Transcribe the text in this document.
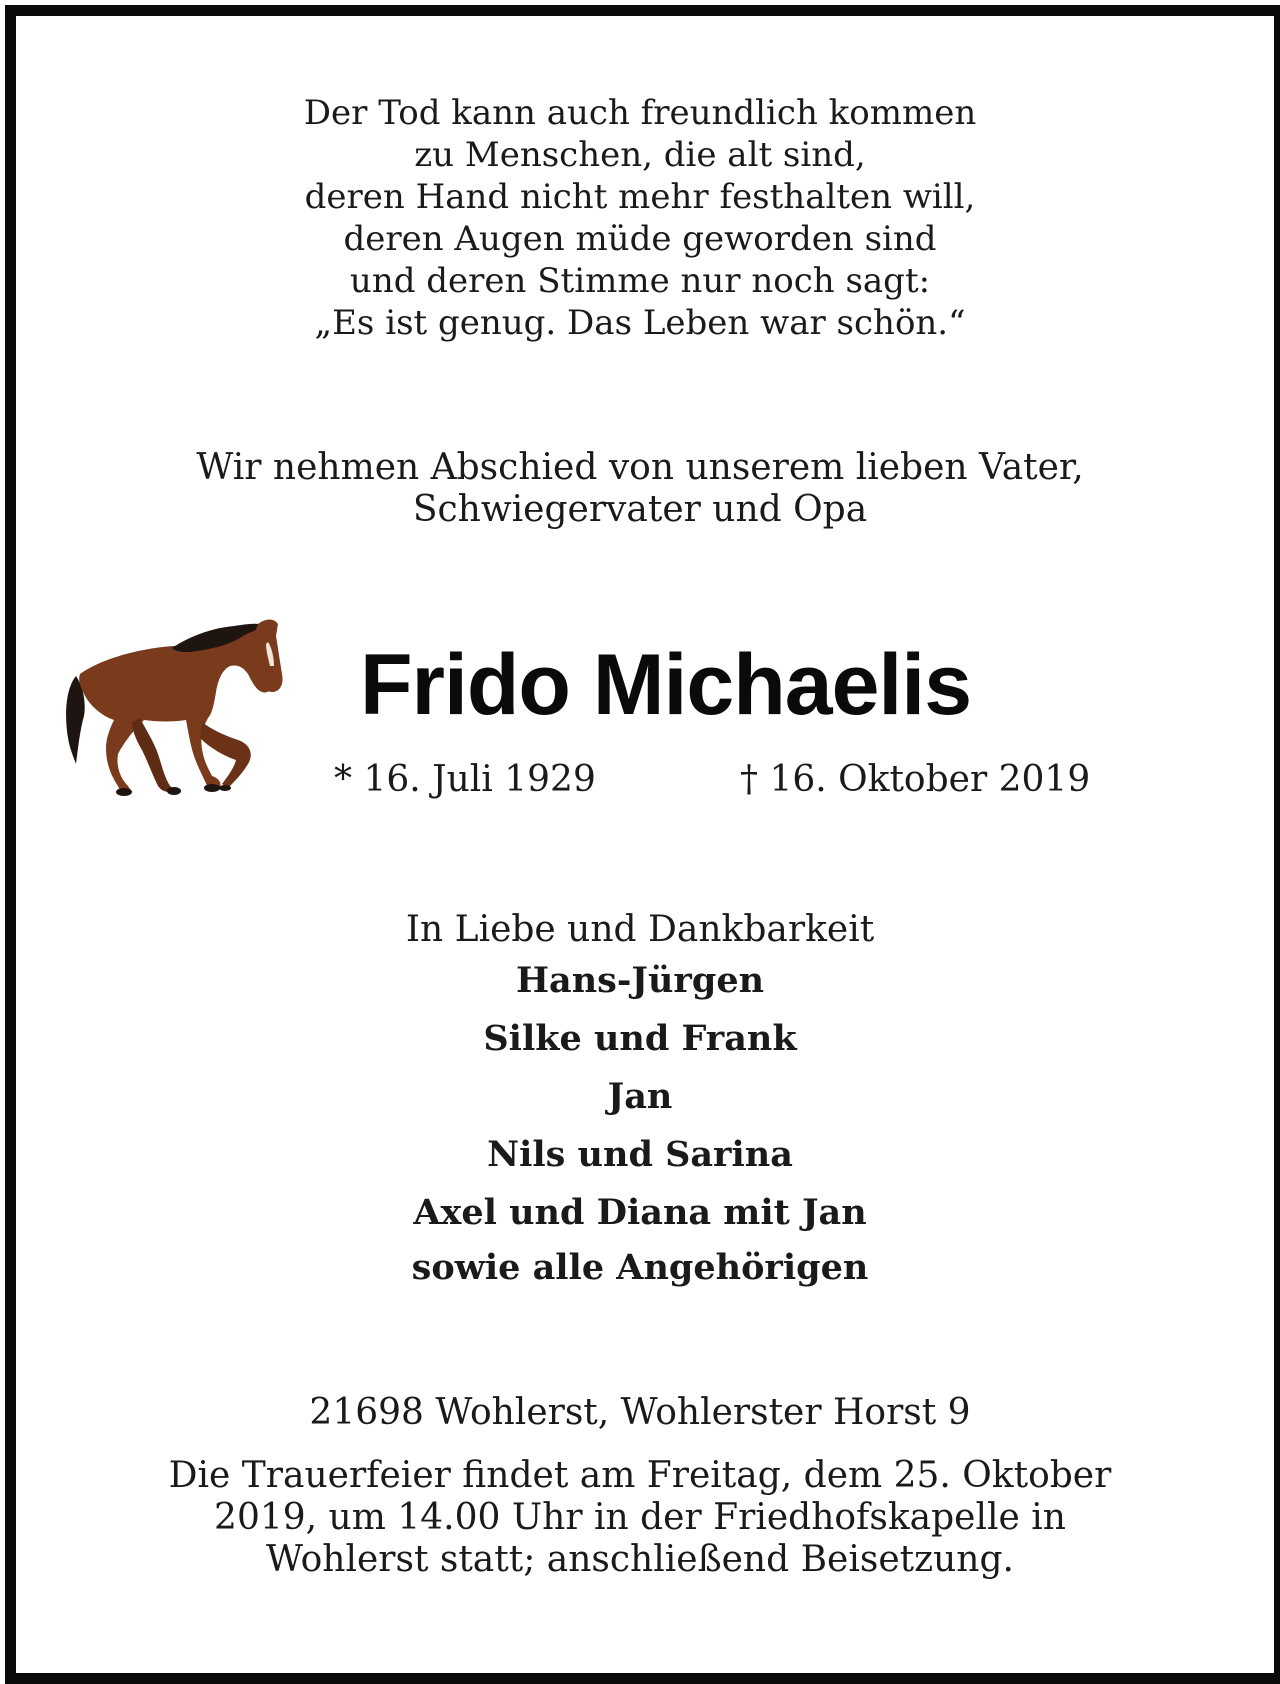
Der Tod kann auch freundlich kommen
zu Menschen, die alt sind,
deren Hand nicht mehr festhalten will,
deren Augen müde geworden sind
und deren Stimme nur noch sagt:
„Es ist genug. Das Leben war schön.“
Wir nehmen Abschied von unserem lieben Vater,
Schwiegervater und Opa
Frido Michaelis
* 16. Juli 1929	† 16. Oktober 2019
In Liebe und Dankbarkeit
Hans-Jürgen
Silke und Frank
Jan
Nils und Sarina
Axel und Diana mit Jan
sowie alle Angehörigen
21698 Wohlerst, Wohlerster Horst 9
Die Trauerfeier findet am Freitag, dem 25. Oktober
2019, um 14.00 Uhr in der Friedhofskapelle in
Wohlerst statt; anschließend Beisetzung.
